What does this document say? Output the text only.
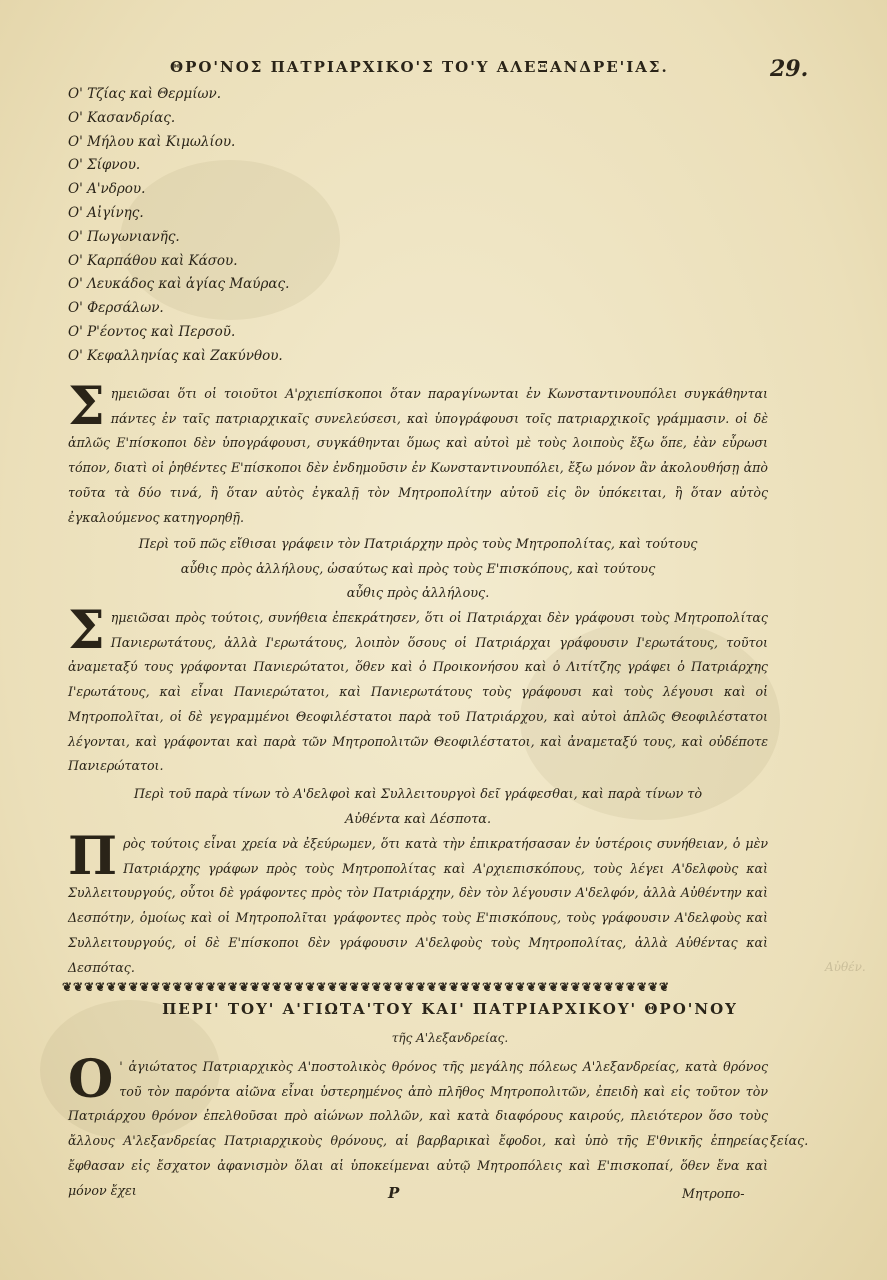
ΘΡΟ'ΝΟΣ ΠΑΤΡΙΑΡΧΙΚΟ'Σ ΤΟ'Υ ΑΛΕΞΑΝΔΡΕ'ΙΑΣ.	29.
Ο' Τζίας καὶ Θερμίων.
Ο' Κασανδρίας.
Ο' Μήλου καὶ Κιμωλίου.
Ο' Σίφνου.
Ο' Α'νδρου.
Ο' Αἰγίνης.
Ο' Πωγωνιανῆς.
Ο' Καρπάθου καὶ Κάσου.
Ο' Λευκάδος καὶ ἁγίας Μαύρας.
Ο' Φερσάλων.
Ο' Ρ'έοντος καὶ Περσοῦ.
Ο' Κεφαλληνίας καὶ Ζακύνθου.

Σ ημειῶσαι ὅτι οἱ τοιοῦτοι Α'ρχιεπίσκοποι ὅταν παραγίνωνται ἐν Κωνσταντινουπόλει συγκάθηνται πάντες ἐν ταῖς πατριαρχικαῖς συνελεύσεσι, καὶ ὑπογράφουσι τοῖς πατριαρχικοῖς γράμμασιν. οἱ δὲ ἁπλῶς Ε'πίσκοποι δὲν ὑπογράφουσι, συγκάθηνται ὅμως καὶ αὐτοὶ μὲ τοὺς λοιποὺς ἔξω ὅπε, ἐὰν εὗρωσι τόπον, διατὶ οἱ ῥηθέντες Ε'πίσκοποι δὲν ἐνδημοῦσιν ἐν Κωνσταντινουπόλει, ἔξω μόνον ἂν ἀκολουθήσῃ ἀπὸ τοῦτα τὰ δύο τινά, ἢ ὅταν αὐτὸς ἐγκαλῇ τὸν Μητροπολίτην αὐτοῦ εἰς ὃν ὑπόκειται, ἢ ὅταν αὐτὸς ἐγκαλούμενος κατηγορηθῇ.

Περὶ τοῦ πῶς εἴθισαι γράφειν τὸν Πατριάρχην πρὸς τοὺς Μητροπολίτας, καὶ τούτους

αὖθις πρὸς ἀλλήλους, ὡσαύτως καὶ πρὸς τοὺς Ε'πισκόπους, καὶ τούτους

αὖθις πρὸς ἀλλήλους.

Σ ημειῶσαι πρὸς τούτοις, συνήθεια ἐπεκράτησεν, ὅτι οἱ Πατριάρχαι δὲν γράφουσι τοὺς Μητροπολίτας Πανιερωτάτους, ἀλλὰ Ι'ερωτάτους, λοιπὸν ὅσους οἱ Πατριάρχαι γράφουσιν Ι'ερωτάτους, τοῦτοι ἀναμεταξύ τους γράφονται Πανιερώτατοι, ὅθεν καὶ ὁ Προικονήσου καὶ ὁ Λιτίτζης γράφει ὁ Πατριάρχης Ι'ερωτάτους, καὶ εἶναι Πανιερώτατοι, καὶ Πανιερωτάτους τοὺς γράφουσι καὶ τοὺς λέγουσι καὶ οἱ Μητροπολῖται, οἱ δὲ γεγραμμένοι Θεοφιλέστατοι παρὰ τοῦ Πατριάρχου, καὶ αὐτοὶ ἁπλῶς Θεοφιλέστατοι λέγονται, καὶ γράφονται καὶ παρὰ τῶν Μητροπολιτῶν Θεοφιλέστατοι, καὶ ἀναμεταξύ τους, καὶ οὐδέποτε Πανιερώτατοι.

Περὶ τοῦ παρὰ τίνων τὸ Α'δελφοὶ καὶ Συλλειτουργοὶ δεῖ γράφεσθαι, καὶ παρὰ τίνων τὸ

Αὐθέντα καὶ Δέσποτα.

Π ρὸς τούτοις εἶναι χρεία νὰ ἐξεύρωμεν, ὅτι κατὰ τὴν ἐπικρατήσασαν ἐν ὑστέροις συνήθειαν, ὁ μὲν Πατριάρχης γράφων πρὸς τοὺς Μητροπολίτας καὶ Α'ρχιεπισκόπους, τοὺς λέγει Α'δελφοὺς καὶ Συλλειτουργούς, οὗτοι δὲ γράφοντες πρὸς τὸν Πατριάρχην, δὲν τὸν λέγουσιν Α'δελφόν, ἀλλὰ Αὐθέντην καὶ Δεσπότην, ὁμοίως καὶ οἱ Μητροπολῖται γράφοντες πρὸς τοὺς Ε'πισκόπους, τοὺς γράφουσιν Α'δελφοὺς καὶ Συλλειτουργούς, οἱ δὲ Ε'πίσκοποι δὲν γράφουσιν Α'δελφοὺς τοὺς Μητροπολίτας, ἀλλὰ Αὐθέντας καὶ Δεσπότας.

❦❦❦❦❦❦❦❦❦❦❦❦❦❦❦❦❦❦❦❦❦❦❦❦❦❦❦❦❦❦❦❦❦❦❦❦❦❦❦❦❦❦❦❦❦❦❦❦❦❦❦❦❦❦❦
ΠΕΡΙ' ΤΟΥ' Α'ΓΙΩΤΑ'ΤΟΥ ΚΑΙ' ΠΑΤΡΙΑΡΧΙΚΟΥ' ΘΡΟ'ΝΟΥ
τῆς Α'λεξανδρείας.

Ο ' ἁγιώτατος Πατριαρχικὸς Α'ποστολικὸς θρόνος τῆς μεγάλης πόλεως Α'λεξανδρείας, κατὰ θρόνος τοῦ τὸν παρόντα αἰῶνα εἶναι ὑστερημένος ἀπὸ πλῆθος Μητροπολιτῶν, ἐπειδὴ καὶ εἰς τοῦτον τὸν Πατριάρχου θρόνον ἐπελθοῦσαι πρὸ αἰώνων πολλῶν, καὶ κατὰ διαφόρους καιρούς, πλειότερον ὅσο τοὺς ἄλλους Α'λεξανδρείας Πατριαρχικοὺς θρόνους, αἱ βαρβαρικαὶ ἔφοδοι, καὶ ὑπὸ τῆς Ε'θνικῆς ἐπηρείας ἔφθασαν εἰς ἔσχατον ἀφανισμὸν ὅλαι αἱ ὑποκείμεναι αὐτῷ Μητροπόλεις καὶ Ε'πισκοπαί, ὅθεν ἕνα καὶ μόνον ἔχει

ξείας.
Αὐθέν.
P	Μητροπο-
